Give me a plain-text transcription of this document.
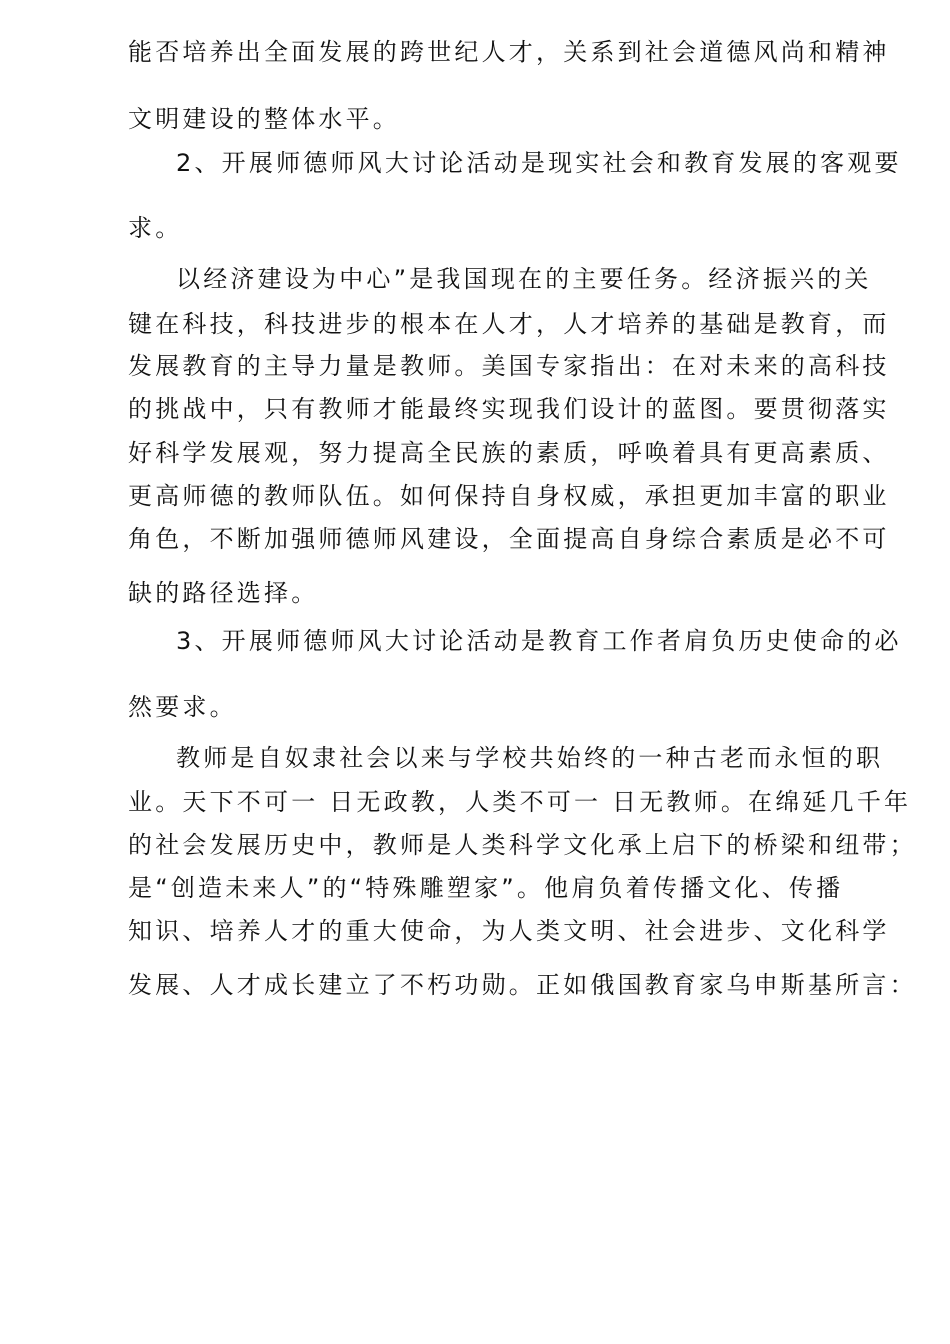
能否培养出全面发展的跨世纪人才，关系到社会道德风尚和精神
文明建设的整体水平。
2、开展师德师风大讨论活动是现实社会和教育发展的客观要
求。
以经济建设为中心”是我国现在的主要任务。经济振兴的关
键在科技，科技进步的根本在人才，人才培养的基础是教育，而
发展教育的主导力量是教师。美国专家指出：在对未来的高科技
的挑战中，只有教师才能最终实现我们设计的蓝图。要贯彻落实
好科学发展观，努力提高全民族的素质，呼唤着具有更高素质、
更高师德的教师队伍。如何保持自身权威，承担更加丰富的职业
角色，不断加强师德师风建设，全面提高自身综合素质是必不可
缺的路径选择。
3、开展师德师风大讨论活动是教育工作者肩负历史使命的必
然要求。
教师是自奴隶社会以来与学校共始终的一种古老而永恒的职
业。天下不可一 日无政教，人类不可一 日无教师。在绵延几千年
的社会发展历史中，教师是人类科学文化承上启下的桥梁和纽带；
是“创造未来人”的“特殊雕塑家”。他肩负着传播文化、传播
知识、培养人才的重大使命，为人类文明、社会进步、文化科学
发展、人才成长建立了不朽功勋。正如俄国教育家乌申斯基所言：
